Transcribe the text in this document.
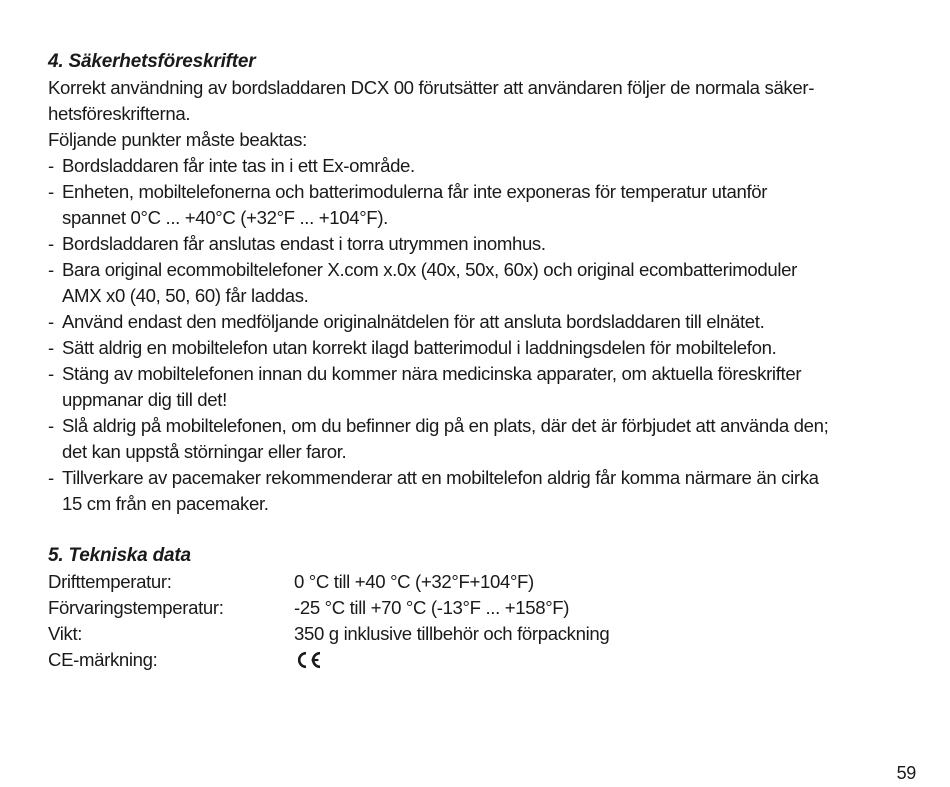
4. Säkerhetsföreskrifter

Korrekt användning av bordsladdaren DCX 00 förutsätter att användaren följer de normala säker-

hetsföreskrifterna.

Följande punkter måste beaktas:

- Bordsladdaren får inte tas in i ett Ex-område.
- Enheten, mobiltelefonerna och batterimodulerna får inte exponeras för temperatur utanför
spannet 0°C ... +40°C (+32°F ... +104°F).
- Bordsladdaren får anslutas endast i torra utrymmen inomhus.
- Bara original ecommobiltelefoner X.com x.0x (40x, 50x, 60x) och original ecombatterimoduler
AMX x0 (40, 50, 60) får laddas.
- Använd endast den medföljande originalnätdelen för att ansluta bordsladdaren till elnätet.
- Sätt aldrig en mobiltelefon utan korrekt ilagd batterimodul i laddningsdelen för mobiltelefon.
- Stäng av mobiltelefonen innan du kommer nära medicinska apparater, om aktuella föreskrifter
uppmanar dig till det!
- Slå aldrig på mobiltelefonen, om du befinner dig på en plats, där det är förbjudet att använda den;
det kan uppstå störningar eller faror.
- Tillverkare av pacemaker rekommenderar att en mobiltelefon aldrig får komma närmare än cirka
15 cm från en pacemaker.
5. Tekniska data
Drifttemperatur:	0 °C till +40 °C (+32°F+104°F)
Förvaringstemperatur:	-25 °C till +70 °C (-13°F ... +158°F)
Vikt:	350 g inklusive tillbehör och förpackning
CE-märkning:
59
